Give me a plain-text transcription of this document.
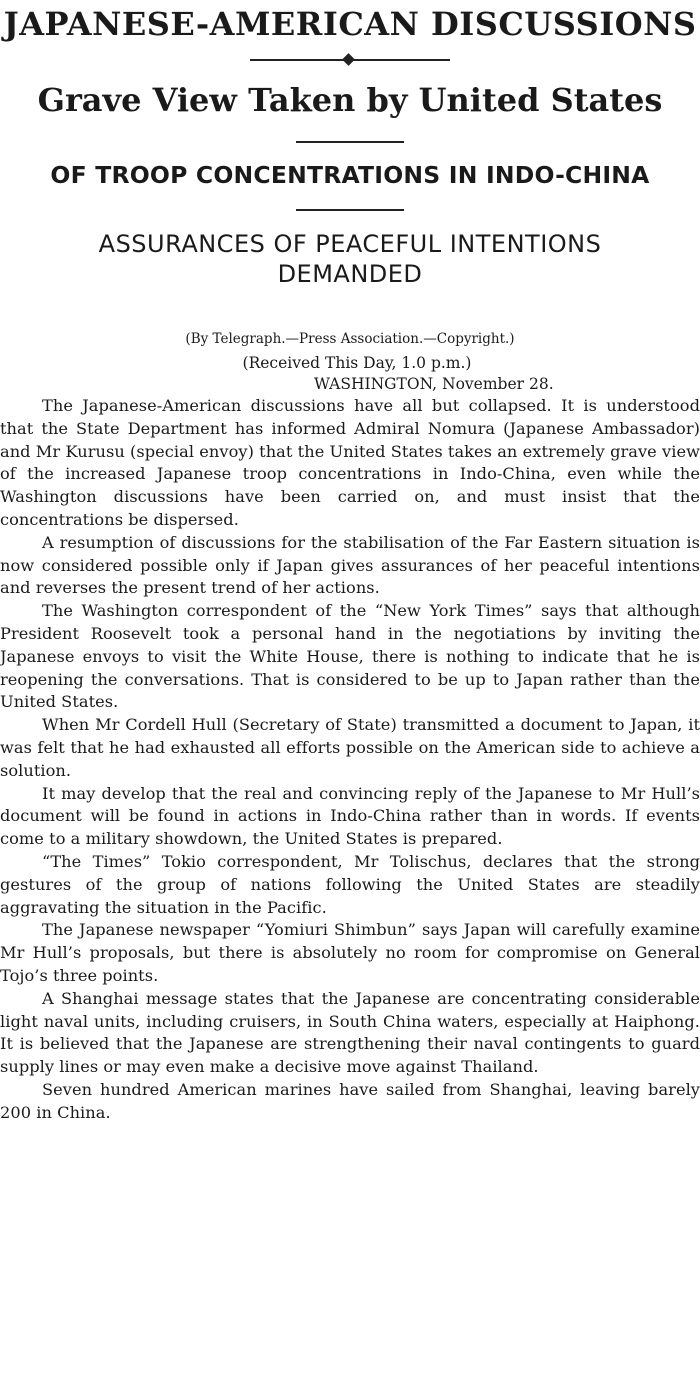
JAPANESE-AMERICAN DISCUSSIONS
Grave View Taken by United States
OF TROOP CONCENTRATIONS IN INDO-CHINA
ASSURANCES OF PEACEFUL INTENTIONS
DEMANDED
(By Telegraph.—Press Association.—Copyright.)
(Received This Day, 1.0 p.m.)
WASHINGTON, November 28.

The Japanese-American discussions have all but collapsed. It is understood that the State Department has informed Admiral Nomura (Japanese Ambassador) and Mr Kurusu (special envoy) that the United States takes an extremely grave view of the increased Japanese troop concentrations in Indo-China, even while the Washington discussions have been carried on, and must insist that the concentrations be dispersed.

A resumption of discussions for the stabilisation of the Far Eastern situation is now considered possible only if Japan gives assurances of her peaceful intentions and reverses the present trend of her actions.

The Washington correspondent of the “New York Times” says that although President Roosevelt took a personal hand in the negotiations by inviting the Japanese envoys to visit the White House, there is nothing to indicate that he is reopening the conversations. That is considered to be up to Japan rather than the United States.

When Mr Cordell Hull (Secretary of State) transmitted a document to Japan, it was felt that he had exhausted all efforts possible on the American side to achieve a solution.

It may develop that the real and convincing reply of the Japanese to Mr Hull’s document will be found in actions in Indo-China rather than in words. If events come to a military showdown, the United States is prepared.

“The Times” Tokio correspondent, Mr Tolischus, declares that the strong gestures of the group of nations following the United States are steadily aggravating the situation in the Pacific.

The Japanese newspaper “Yomiuri Shimbun” says Japan will carefully examine Mr Hull’s proposals, but there is absolutely no room for compromise on General Tojo’s three points.

A Shanghai message states that the Japanese are concentrating considerable light naval units, including cruisers, in South China waters, especially at Haiphong. It is believed that the Japanese are strengthening their naval contingents to guard supply lines or may even make a decisive move against Thailand.

Seven hundred American marines have sailed from Shanghai, leaving barely 200 in China.
